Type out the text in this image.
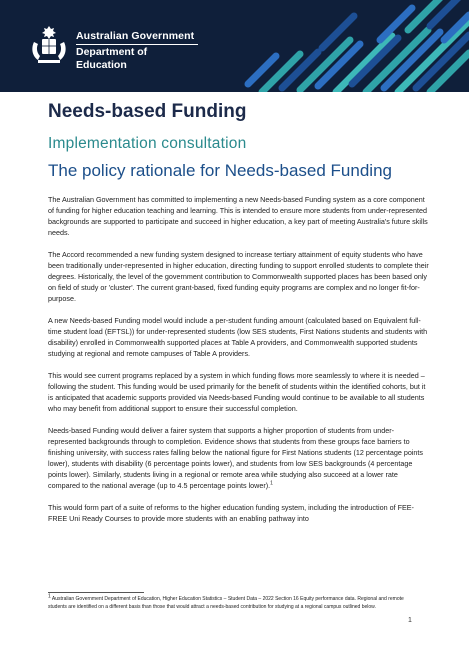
Australian Government
Department of Education
Needs-based Funding
Implementation consultation
The policy rationale for Needs-based Funding

The Australian Government has committed to implementing a new Needs-based Funding system as a core component of funding for higher education teaching and learning. This is intended to ensure more students from under-represented backgrounds are supported to participate and succeed in higher education, a key part of meeting Australia's future skills needs.

The Accord recommended a new funding system designed to increase tertiary attainment of equity students who have been traditionally under-represented in higher education, directing funding to support enrolled students to complete their degrees. Historically, the level of the government contribution to Commonwealth supported places has been based only on field of study or 'cluster'. The current grant-based, fixed funding equity programs are complex and no longer fit-for-purpose.

A new Needs-based Funding model would include a per-student funding amount (calculated based on Equivalent full-time student load (EFTSL)) for under-represented students (low SES students, First Nations students and students with disability) enrolled in Commonwealth supported places at Table A providers, and Commonwealth supported students studying at regional and remote campuses of Table A providers.

This would see current programs replaced by a system in which funding flows more seamlessly to where it is needed – following the student. This funding would be used primarily for the benefit of students within the identified cohorts, but it is anticipated that academic supports provided via Needs-based Funding would continue to be available to all students who may benefit from additional support to ensure their successful completion.

Needs-based Funding would deliver a fairer system that supports a higher proportion of students from under-represented backgrounds through to completion. Evidence shows that students from these groups face barriers to finishing university, with success rates falling below the national figure for First Nations students (12 percentage points lower), students with disability (6 percentage points lower), and students from low SES backgrounds (4 percentage points lower). Similarly, students living in a regional or remote area while studying also succeed at a lower rate compared to the national average (up to 4.5 percentage points lower).$^1$

This would form part of a suite of reforms to the higher education funding system, including the introduction of FEE-FREE Uni Ready Courses to provide more students with an enabling pathway into

$^1$ Australian Government Department of Education, Higher Education Statistics – Student Data – 2022 Section 16 Equity performance data. Regional and remote students are identified on a different basis than those that would attract a needs-based contribution for studying at a regional campus outlined below.
1
